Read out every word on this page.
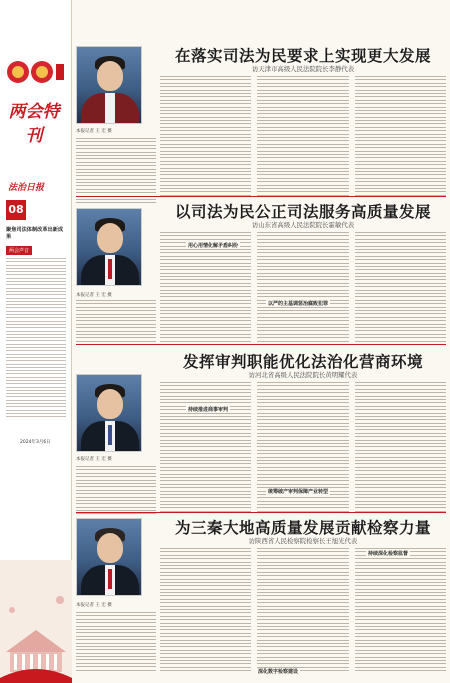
两会特刊
法治日报
08
聚焦司法体制改革出新成果
两会声音
2024年3月6日
本报记者 王 宏 摄
在落实司法为民要求上实现更大发展
访天津市高级人民法院院长李静代表
本报记者 王 宏 摄
以司法为民公正司法服务高质量发展
访山东省高级人民法院院长霍敏代表
用心用情化解矛盾纠纷
以严的主基调惩治腐败犯罪
本报记者 王 宏 摄
发挥审判职能优化法治化营商环境
访河北省高级人民法院院长黄明耀代表
持续推进商事审判
统筹破产审判保障产业转型
本报记者 王 宏 摄
为三秦大地高质量发展贡献检察力量
访陕西省人民检察院检察长王旭光代表
持续深化检察监督
深化数字检察建设
